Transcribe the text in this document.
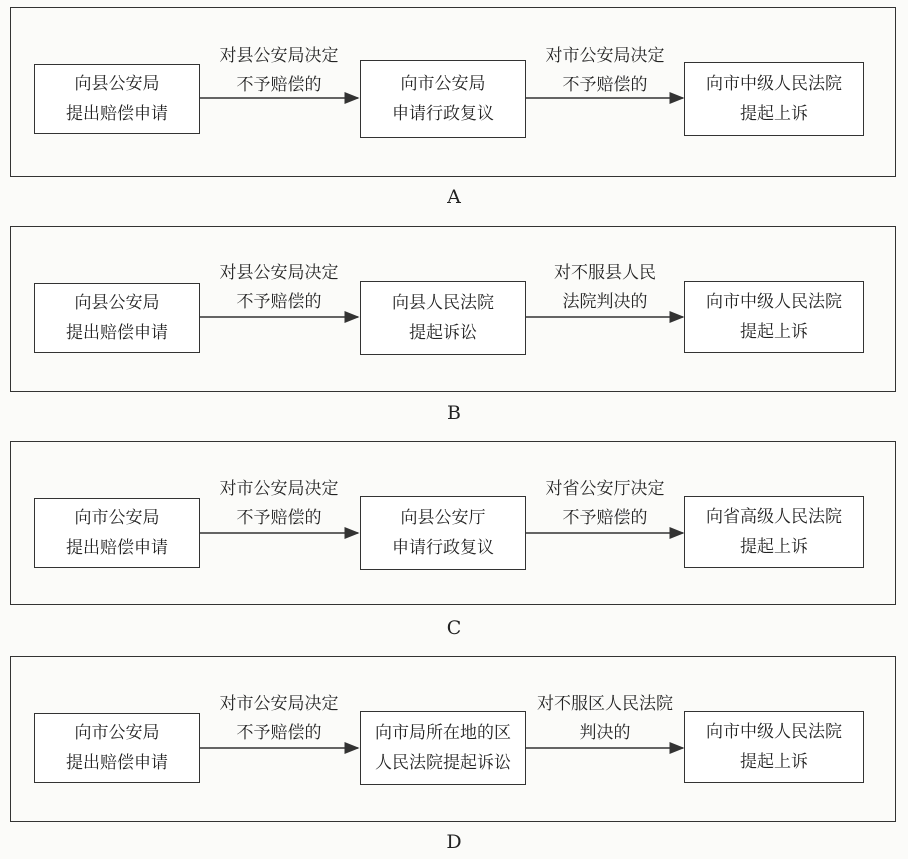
向县公安局
提出赔偿申请
对县公安局决定
不予赔偿的	向市公安局
申请行政复议
对市公安局决定
不予赔偿的	向市中级人民法院
提起上诉
A
向县公安局
提出赔偿申请
对县公安局决定
不予赔偿的	向县人民法院
提起诉讼
对不服县人民
法院判决的	向市中级人民法院
提起上诉
B
向市公安局
提出赔偿申请
对市公安局决定
不予赔偿的	向县公安厅
申请行政复议
对省公安厅决定
不予赔偿的	向省高级人民法院
提起上诉
C
向市公安局
提出赔偿申请
对市公安局决定
不予赔偿的	向市局所在地的区
人民法院提起诉讼
对不服区人民法院
判决的	向市中级人民法院
提起上诉
D
